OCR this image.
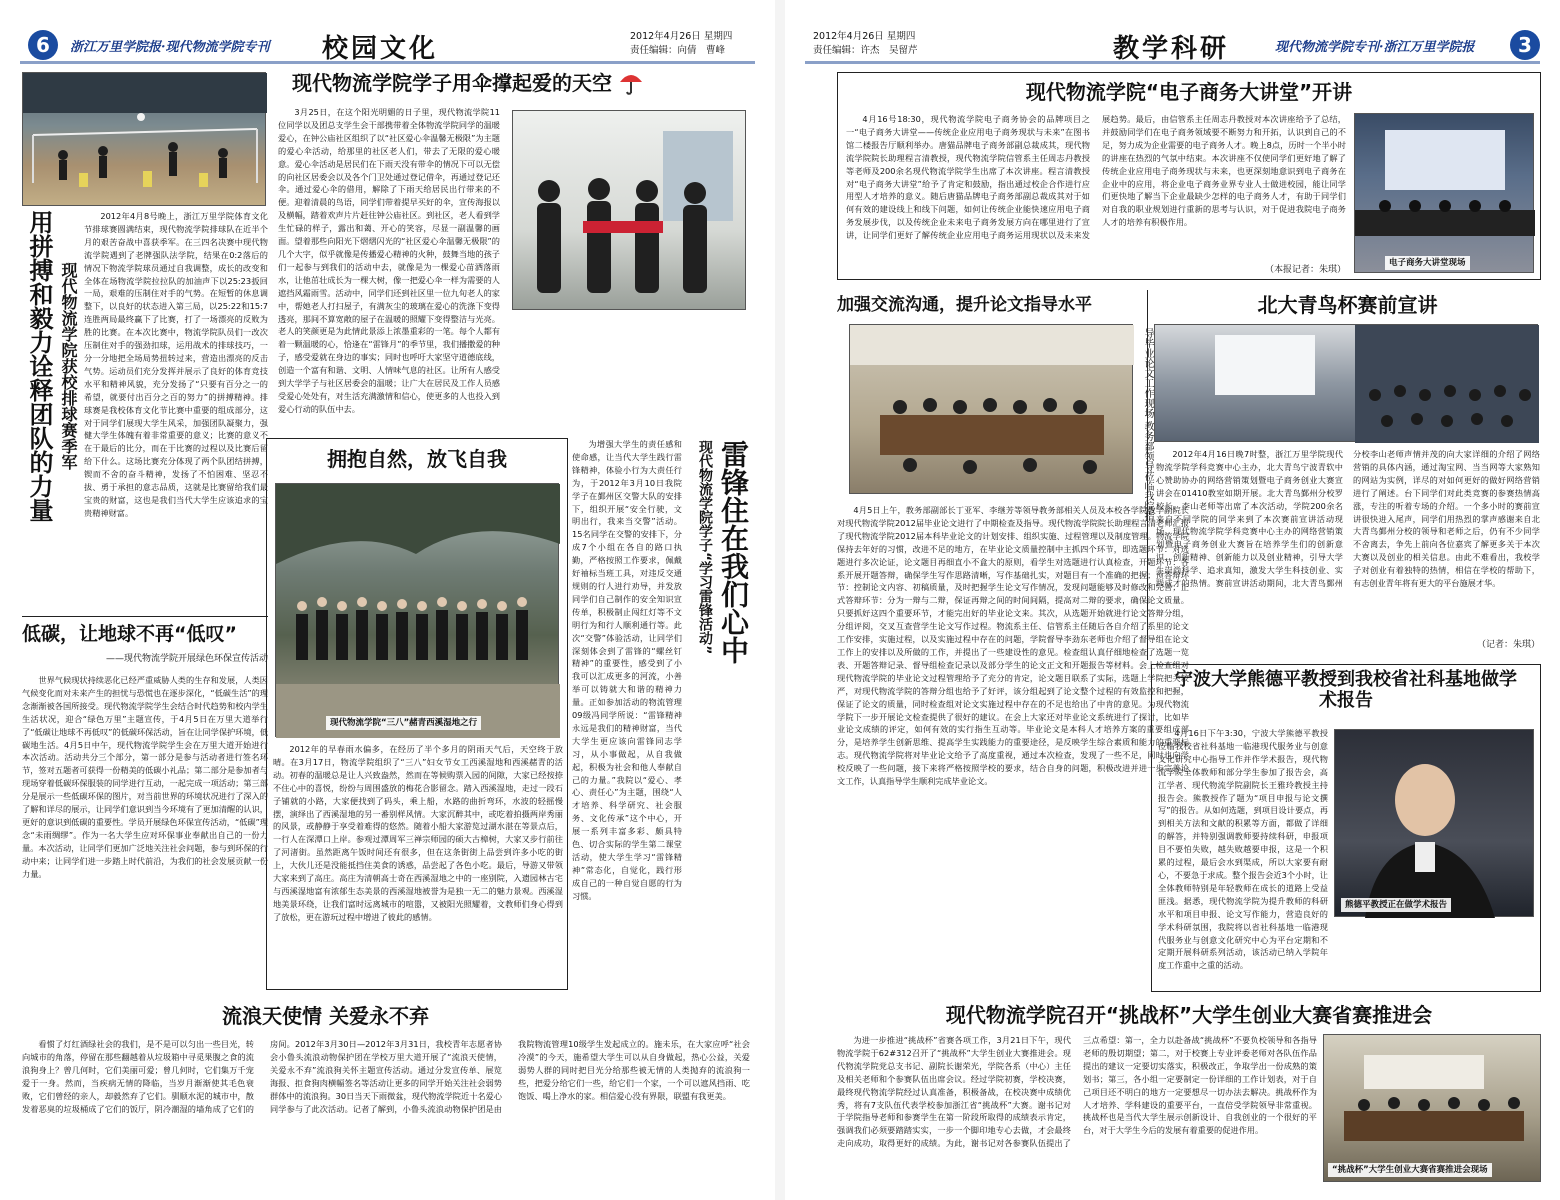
6	浙江万里学院报·现代物流学院专刊 校园文化	2012年4月26日 星期四
责任编辑：向倩　曹峰
用拼搏和毅力诠释团队的力量 现代物流学院获校排球赛季军
2012年4月8号晚上，浙江万里学院体育文化节排球赛圆满结束，现代物流学院排球队在近半个月的艰苦奋战中喜获季军。在三四名决赛中现代物流学院遇到了老牌强队法学院，结果在0:2落后的情况下物流学院球员通过自我调整，成长的改变和全体在场物流学院拉拉队的加油声下以25:23扳回一局，艰难的压制住对手的气势。在短暂的休息调整下，以良好的状态进入第三局，以25:22和15:7连胜两局最终赢下了比赛，打了一场漂亮的反败为胜的比赛。在本次比赛中，物流学院队员们一改次压制住对手的强劲扣球，运用战术的排球技巧，一分一分地把全场局势扭转过来，营造出漂亮的反击气势。运动员们充分发挥并展示了良好的体育竞技水平和精神风貌，充分发扬了“只要有百分之一的希望，就要付出百分之百的努力”的拼搏精神。排球赛是我校体育文化节比赛中重要的组成部分，这对于同学们展现大学生风采，加强团队凝聚力，强健大学生体魄有着非常重要的意义；比赛的意义不在于最后的比分，而在于比赛的过程以及比赛后留给下什么。这场比赛充分体现了两个队团结拼搏，锲而不舍的奋斗精神，发扬了不怕困难、坚忍不拔、勇于承担的意志品质，这就是比赛留给我们最宝贵的财富，这也是我们当代大学生应该追求的宝贵精神财富。
低碳，让地球不再“低叹”
——现代物流学院开展绿色环保宣传活动
世界气候现状持续恶化已经严重威胁人类的生存和发展，人类因气候变化而对未来产生的担忧与恐慌也在逐步深化，“低碳生活”的理念渐渐被各国所接受。现代物流学院学生会结合时代趋势和校内学生生活状况，迎合“绿色万里”主题宣传，于4月5日在万里大道举行了“低碳让地球不再低叹”的低碳环保活动，旨在让同学保护环境，低碳地生活。4月5日中午，现代物流学院学生会在万里大道开始进行本次活动。活动共分三个部分，第一部分是参与活动者进行签名环节，签对五题者可获得一份精美的低碳小礼品；第二部分是参加者与现场穿着低碳环保服装的同学进行互动，一起完成一项活动；第三部分是展示一些低碳环保的图片，对当前世界的环境状况进行了深入的了解和详尽的展示，让同学们意识到当今环境有了更加清醒的认识，更好的意识到低碳的重要性。学员开展绿色环保宣传活动，“低碳”理念“未雨绸缪”。作为一名大学生应对环保事业奉献出自己的一份力量。本次活动，让同学们更加广泛地关注社会问题，参与到环保的行动中来；让同学们进一步踏上时代前沿，为我们的社会发展贡献一份力量。
现代物流学院学子用伞撑起爱的天空
3月25日，在这个阳光明媚的日子里，现代物流学院11位同学以及团总支学生会干部携带着全体物流学院同学的温暖爱心，在钟公庙社区组织了以“社区爱心伞温馨无极限”为主题的爱心伞活动，给那里的社区老人们，带去了无限的爱心暖意。爱心伞活动是居民们在下雨天没有带伞的情况下可以无偿的向社区居委会以及各个门卫处通过登记借伞，再通过登记还伞。通过爱心伞的借用，解除了下雨天给居民出行带来的不便。迎着清晨的鸟语，同学们带着提早买好的伞，宣传海报以及横幅，踏着欢声片片赶往钟公庙社区。到社区，老人看到学生忙碌的样子，露出和蔼、开心的笑容，尽显一副温馨的画面。望着那些向阳光下熠熠闪光的“社区爱心伞温馨无极限”的几个大字，似乎就像是传播爱心精神的火种，鼓舞当地的孩子们一起参与到我们的活动中去，就像是为一棵爱心苗洒落雨水，让他茁壮成长为一棵大树，像一把爱心伞一样为需要的人遮挡风霜雨雪。活动中，同学们还到社区里一位九旬老人的家中，帮她老人打扫屋子，有满灰尘的玻璃在爱心的洗涤下变得透亮，那间不算宽敞的屋子在温暖的照耀下变得整洁与光亮。老人的笑颜更是为此情此景添上浓墨重彩的一笔。每个人都有着一颗温暖的心，恰逢在“雷锋月”的季节里，我们播撒爱的种子，感受爱就在身边的事实；同时也呼吁大家坚守道德底线，创造一个富有和谐、文明、人情味气息的社区。让所有人感受到大学学子与社区居委会的温暖；让广大在居民及工作人员感受爱心处处有，对生活充满激情和信心，使更多的人也投入到爱心行动的队伍中去。
拥抱自然，放飞自我
现代物流学院“三八”赭青西溪湿地之行
2012年的早春雨水偏多，在经历了半个多月的阴雨天气后，天空终于放晴。在3月17日，物流学院组织了“三八”妇女节女工西溪湿地和西溪赭青的活动。初春的温暖总是让人兴致盎然，然而在等候购票入园的间隙，大家已经按捺不住心中的喜悦，纷纷与周围盛放的梅花合影留念。踏入西溪湿地，走过一段石子铺就的小路，大家便找到了码头，乘上船，水路的曲折弯环，水波的轻摇慢摆，演绎出了西溪湿地的另一番别样风情。大家沉醉其中，或吃着拍摄两岸秀丽的风景，或静静于享受着难得的悠然。随着小船大家游览过湖水湛在等景点后，一行人在深潭口上岸。参观过潭周军三禅宗师园的硕大古樟树，大家又步行前往了河渚街。虽然距离午饭时间还有很多，但在这条街街上品尝到许多小吃的街上，大伙儿还是没能抵挡住美食的诱惑，品尝起了各色小吃。最后，导游又带领大家来到了高庄。高庄为清朝高士奇在西溪湿地之中的一座别院，入遗园林古宅与西溪湿地富有浓郁生态美景的西溪湿地被誉为是独一无二的魅力景观。西溪湿地美景环绕，让我们富时远离城市的喧嚣，又被阳光照耀着，文教师们身心得到了放松，更在游玩过程中增进了彼此的感情。
雷锋住在我们心中
现代物流学院学子“学习雷锋活动”
为增强大学生的责任感和使命感，让当代大学生践行雷锋精神，体验小行为大责任行为，于2012年3月10日我院学子在鄞州区交警大队的安排下，组织开展“安全行驶，文明出行，我来当交警”活动。15名同学在交警的安排下，分成7个小组在各自的路口执勤，严格按照工作要求，佩戴好袖标当班工具，对违反交通规则的行人进行劝导，并发放同学们自己制作的安全知识宣传单，积极制止闯红灯等不文明行为和行人顺利通行等。此次“交警”体验活动，让同学们深刻体会到了雷锋的“螺丝钉精神”的重要性，感受到了小我可以汇成更多的河流，小善举可以铸就大和谐的精神力量。正如参加活动的物流管理09级冯同学所说：“雷锋精神永远是我们的精神财富，当代大学生更应该向雷锋同志学习，从小事做起，从自我做起，积极为社会和他人奉献自己的力量。”我院以“爱心、孝心、责任心”为主题，围绕“人才培养、科学研究、社会服务、文化传承”这个中心，开展一系列丰富多彩、颇具特色、切合实际的学生第二课堂活动，使大学生学习“雷锋精神”常态化，自觉化，践行形成自己的一种自觉自愿的行为习惯。
流浪天使情 关爱永不弃
看惯了灯红酒绿社会的我们，是不是可以匀出一些目光，转向城市的角落，停留在那些翻越着从垃圾箱中寻觅果腹之食的流浪狗身上？曾几何时，它们美丽可爱；曾几何时，它们集万千宠爱于一身。然而，当疾病无情的降临，当岁月渐渐使其毛色衰败，它们曾经的亲人，却毅然弃了它们。驯顺水泥的城市中，散发着恶臭的垃圾桶成了它们的饭厅，阴冷潮湿的墙角成了它们的房间。2012年3月30日—2012年3月31日，我校青年志愿者协会小鲁头流浪动物保护团在学校万里大道开展了“流浪天使情，关爱永不弃”流浪狗关怀主题宣传活动。通过分发宣传单、展览海报、拒食狗肉横幅签名等活动让更多的同学开始关注社会弱势群体中的流浪狗。30日当天下雨微盆，现代物流学院近十名爱心同学参与了此次活动。记者了解到，小鲁头流浪动物保护团是由我院物流管理10级学生发起成立的。施未乐，在大家应呼“社会冷漠”的今天，施希望大学生可以从自身做起，热心公益，关爱弱势人群的同时把目光分给那些被无情的人类抛弃的流浪狗一些，把爱分给它们一些，给它们一个家，一个可以遮风挡雨、吃饱饭、喝上净水的家。相信爱心没有界限，联盟有我更美。
2012年4月26日 星期四
责任编辑：许杰　吴留芹	教学科研	现代物流学院专刊·浙江万里学院报	3
现代物流学院“电子商务大讲堂”开讲
4月16号18:30，现代物流学院电子商务协会的品牌项目之一“电子商务大讲堂——传统企业应用电子商务现状与未来”在图书馆二楼报告厅顺利举办。唐猫品牌电子商务部副总裁成其，现代物流学院院长助理程言清教授，现代物流学院信管系主任周志丹教授等老师及200余名现代物流学院学生出席了本次讲座。程言清教授对“电子商务大讲堂”给予了肯定和鼓励，指出通过校企合作进行应用型人才培养的意义。随后唐猫品牌电子商务部副总裁成其对于如何有效的建设线上和线下问题，如何让传统企业能快速应用电子商务发展步伐，以及传统企业未来电子商务发展方向在哪里进行了宣讲，让同学们更好了解传统企业应用电子商务运用现状以及未来发展趋势。最后，由信管系主任周志丹教授对本次讲座给予了总结，并鼓励同学们在电子商务领域要不断努力和开拓，认识到自己的不足，努力成为企业需要的电子商务人才。晚上8点，历时一个半小时的讲座在热烈的气氛中结束。本次讲座不仅使同学们更好地了解了传统企业应用电子商务现状与未来，也更深刻地意识到电子商务在企业中的应用，将企业电子商务业界专业人士做进校园，能让同学们更快地了解当下企业最缺少怎样的电子商务人才，有助于同学们对自我的职业规划进行重新的思考与认识，对于促进我院电子商务人才的培养有积极作用。
（本报记者：朱琪）
电子商务大讲堂现场
加强交流沟通，提升论文指导水平
导毕业论文工作现场 教务部领导莅临我院指
4月5日上午，教务部副部长丁亚军、李继芳等领导教务部相关人员及本校各学院教学副院长对现代物流学院2012届毕业论文进行了中期检查及指导。现代物流学院院长助理程言清老师汇报了现代物流学院2012届本科毕业论文的计划安排、组织实施、过程管理以及制度管理。物流学院保持去年好的习惯，改进不足的地方，在毕业论文质量控制中主抓四个环节，即选题环节：对选题进行多次论证，论文题目再细直小不盒大的原则，看学生对选题进行认真检查，开题环节：各系开展开题答辩，确保学生写作思路清晰，写作基础扎实，对题目有一个准确的把握；预答辩环节：控制论文内容、初稿质量，及时把握学生论文写作情况，发现问题能够及时修改和完善；正式答辩环节：分为一辩与二辩，保证再辩之间的时间间隔，提高对二辩的要求，确保论文质量。只要抓好这四个重要环节，才能完出好的毕业论文来。其次，从选题开始就进行论文答辩分组，分组评阅，交叉互查营学生论文写作过程。物流系主任、信管系主任随后各自介绍了系里的论文工作安排，实施过程，以及实施过程中存在的问题，学院督导李劲东老师也介绍了督导组在论文工作上的安排以及所做的工作，并提出了一些建设性的意见。检查组认真仔细地检查了选题一览表、开题答辩记录、督导组检查记录以及部分学生的论文正文和开题报告等材料。会上检查组对现代物流学院的毕业论文过程管理给予了充分的肯定，论文题目联系了实际，选题上学院把关较严，对现代物流学院的答辩分组也给予了好评，该分组起到了论文整个过程的有效监控和把握，保证了论文的质量，同时检查组对论文实施过程中存在的不足也给出了中肯的意见。为现代物流学院下一步开展论文检查提供了很好的建议。在会上大家还对毕业论文系统进行了探讨，比如毕业论文成绩的评定，如何有效的实行指生互动等。毕业论文是本科人才培养方案的重要组成部分，是培养学生创新思维、提高学生实践能力的重要途径，是反映学生综合素质和能力的重要标志。现代物流学院将对毕业论文给予了高度重视，通过本次检查，发现了一些不足，同时也向学校反映了一些问题，接下来将严格按照学校的要求，结合自身的问题，积极改进并进一步完善论文工作，认真指导学生顺利完成毕业论文。
北大青鸟杯赛前宣讲
2012年4月16日晚7时整，浙江万里学院现代物流学院学科竞赛中心主办，北大青鸟宁波青软中心赞助协办的网络营销策划暨电子商务创业大赛宣讲会在01410教室如期开展。北大青鸟鄞州分校罗校长、李山老师等出席了本次活动，学院200余名来自不同学院的同学来到了本次赛前宣讲活动现场。现代物流学院学科竞赛中心主办的网络营销策划暨电子商务创业大赛旨在培养学生们的创新意识、创新精神、创新能力以及创业精神，引导大学生崇尚科学、追求真知，激发大学生科技创业、实践成才的热情。赛前宣讲活动期间，北大青鸟鄞州分校李山老师声情并茂的向大家详细的介绍了网络营销的具体内涵，通过淘宝网、当当网等大家熟知的网站为实例，详尽的对如何更好的做好网络营销进行了阐述。台下同学们对此类竞赛的参赛热情高涨，专注的听着专场的介绍。一个多小时的赛前宣讲很快进入尾声，同学们用热烈的掌声感谢来自北大青鸟鄞州分校的领导和老师之后，仍有不少同学不舍离去，争先上前向各位嘉宾了解更多关于本次大赛以及创业的相关信息。由此不难看出，我校学子对创业有着独特的热情，相信在学校的帮助下，有志创业青年将有更大的平台施展才华。
（记者：朱琪）
宁波大学熊德平教授到我校省社科基地做学术报告
4月16日下午3:30，宁波大学熊德平教授莅临我校省社科基地一临港现代服务业与创意文化研究中心指导工作并作学术报告，现代物流学院全体教师和部分学生参加了报告会，高江学者、现代物流学院副院长王雅玲教授主持报告会。熊教授作了题为“项目申报与论文撰写”的报告。从如何选题，到项目设计要点，再到相关方法和文献的积累等方面，都做了详细的解答，并特别强调教师要持续科研，申报项目不要怕失败，越失败越要申报，这是一个积累的过程，最后会水到渠成，所以大家要有耐心，不要急于求成。整个报告会近3个小时，让全体教师特别是年轻教师在成长的道路上受益匪浅。据悉，现代物流学院为提升教师的科研水平和项目申报、论文写作能力，营造良好的学术科研氛围，我院将以省社科基地一临港现代服务业与创意文化研究中心为平台定期和不定期开展科研系列活动，该活动已纳入学院年度工作重中之重的活动。
熊德平教授正在做学术报告
现代物流学院召开“挑战杯”大学生创业大赛省赛推进会
为进一步推进“挑战杯”省赛各项工作，3月21日下午，现代物流学院于62#312召开了“挑战杯”大学生创业大赛推进会。现代物流学院党总支书记、副院长谢荣光，学院各系（中心）主任及相关老师和个参赛队伍出席会议。经过学院初赛，学校决赛，最终现代物流学院经过认真准备，积极备战，在校决赛中成绩优秀，将有7支队伍代表学校参加浙江省“挑战杯”大赛。谢书记对于学院指导老师和参赛学生在第一阶段所取得的成绩表示肯定，强调我们必须要踏踏实实，一步一个脚印地专心去做，才会最终走向成功，取得更好的成绩。为此，谢书记对各参赛队伍提出了三点希望：第一，全力以赴备战“挑战杯”不要负校领导和各指导老师的殷切期望；第二，对于校赛上专业评委老师对各队伍作品提出的建议一定要切实落实，积极改正，争取学出一份成熟的策划书；第三，各小组一定要制定一份详细的工作计划表，对于自己项目还不明白的地方一定要想尽一切办法去解决。挑战杯作为人才培养、学科建设的重要平台，一直倍受学院领导非常重视。挑战杯也是当代大学生展示创新设计、自我创业的一个很好的平台，对于大学生今后的发展有着重要的促进作用。
“挑战杯”大学生创业大赛省赛推进会现场
